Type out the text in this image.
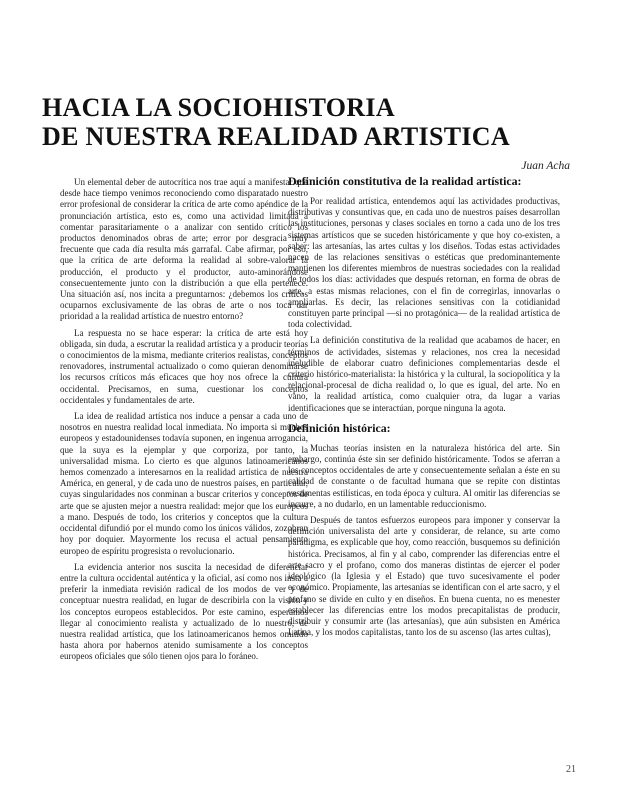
HACIA LA SOCIOHISTORIA
DE NUESTRA REALIDAD ARTISTICA
Juan Acha

Un elemental deber de autocrítica nos trae aquí a manifestar que desde hace tiempo venimos reconociendo como disparatado nuestro error profesional de considerar la crítica de arte como apéndice de la pronunciación artística, esto es, como una actividad limitada a comentar parasitariamente o a analizar con sentido crítico los productos denominados obras de arte; error por desgracia muy frecuente que cada día resulta más garrafal. Cabe afirmar, por eso, que la crítica de arte deforma la realidad al sobre-valorar la producción, el producto y el productor, auto-aminorándose consecuentemente junto con la distribución a que ella pertenece. Una situación así, nos incita a preguntarnos: ¿debemos los críticos ocuparnos exclusivamente de las obras de arte o nos toca dar prioridad a la realidad artística de nuestro entorno?

La respuesta no se hace esperar: la crítica de arte está hoy obligada, sin duda, a escrutar la realidad artística y a producir teorías o conocimientos de la misma, mediante criterios realistas, conceptos renovadores, instrumental actualizado o como quieran denominarse los recursos críticos más eficaces que hoy nos ofrece la cultura occidental. Precisamos, en suma, cuestionar los conceptos occidentales y fundamentales de arte.

La idea de realidad artística nos induce a pensar a cada uno de nosotros en nuestra realidad local inmediata. No importa si muchos europeos y estadounidenses todavía suponen, en ingenua arrogancia, que la suya es la ejemplar y que corporiza, por tanto, la universalidad misma. Lo cierto es que algunos latinoamericanos hemos comenzado a interesarnos en la realidad artística de nuestra América, en general, y de cada uno de nuestros países, en particular, cuyas singularidades nos conminan a buscar criterios y conceptos de arte que se ajusten mejor a nuestra realidad: mejor que los europeos a mano. Después de todo, los criterios y conceptos que la cultura occidental difundió por el mundo como los únicos válidos, zozobran hoy por doquier. Mayormente los recusa el actual pensamiento europeo de espíritu progresista o revolucionario.

La evidencia anterior nos suscita la necesidad de diferenciar entre la cultura occidental auténtica y la oficial, así como nos insta a preferir la inmediata revisión radical de los modos de ver y de conceptuar nuestra realidad, en lugar de describirla con la visión y los conceptos europeos establecidos. Por este camino, esperamos llegar al conocimiento realista y actualizado de lo nuestro, de nuestra realidad artística, que los latinoamericanos hemos omitido hasta ahora por habernos atenido sumisamente a los conceptos europeos oficiales que sólo tienen ojos para lo foráneo.

Definición constitutiva de la realidad artística:

Por realidad artística, entendemos aquí las actividades productivas, distributivas y consuntivas que, en cada uno de nuestros países desarrollan las instituciones, personas y clases sociales en torno a cada uno de los tres sistemas artísticos que se suceden históricamente y que hoy co-existen, a saber: las artesanías, las artes cultas y los diseños. Todas estas actividades nacen de las relaciones sensitivas o estéticas que predominantemente mantienen los diferentes miembros de nuestras sociedades con la realidad de todos los días: actividades que después retornan, en forma de obras de arte, a estas mismas relaciones, con el fin de corregirlas, innovarlas o ampliarlas. Es decir, las relaciones sensitivas con la cotidianidad constituyen parte principal —si no protagónica— de la realidad artística de toda colectividad.

La definición constitutiva de la realidad que acabamos de hacer, en términos de actividades, sistemas y relaciones, nos crea la necesidad ineludible de elaborar cuatro definiciones complementarias desde el criterio histórico-materialista: la histórica y la cultural, la sociopolítica y la relacional-procesal de dicha realidad o, lo que es igual, del arte. No en vano, la realidad artística, como cualquier otra, da lugar a varias identificaciones que se interactúan, porque ninguna la agota.

Definición histórica:

Muchas teorías insisten en la naturaleza histórica del arte. Sin embargo, continúa éste sin ser definido históricamente. Todos se aferran a los conceptos occidentales de arte y consecuentemente señalan a éste en su calidad de constante o de facultad humana que se repite con distintas vestimentas estilísticas, en toda época y cultura. Al omitir las diferencias se incurre, a no dudarlo, en un lamentable reduccionismo.

Después de tantos esfuerzos europeos para imponer y conservar la definición universalista del arte y considerar, de relance, su arte como paradigma, es explicable que hoy, como reacción, busquemos su definición histórica. Precisamos, al fin y al cabo, comprender las diferencias entre el arte sacro y el profano, como dos maneras distintas de ejercer el poder ideológico (la Iglesia y el Estado) que tuvo sucesivamente el poder económico. Propiamente, las artesanías se identifican con el arte sacro, y el profano se divide en culto y en diseños. En buena cuenta, no es menester establecer las diferencias entre los modos precapitalistas de producir, distribuir y consumir arte (las artesanías), que aún subsisten en América Latina, y los modos capitalistas, tanto los de su ascenso (las artes cultas),

21
